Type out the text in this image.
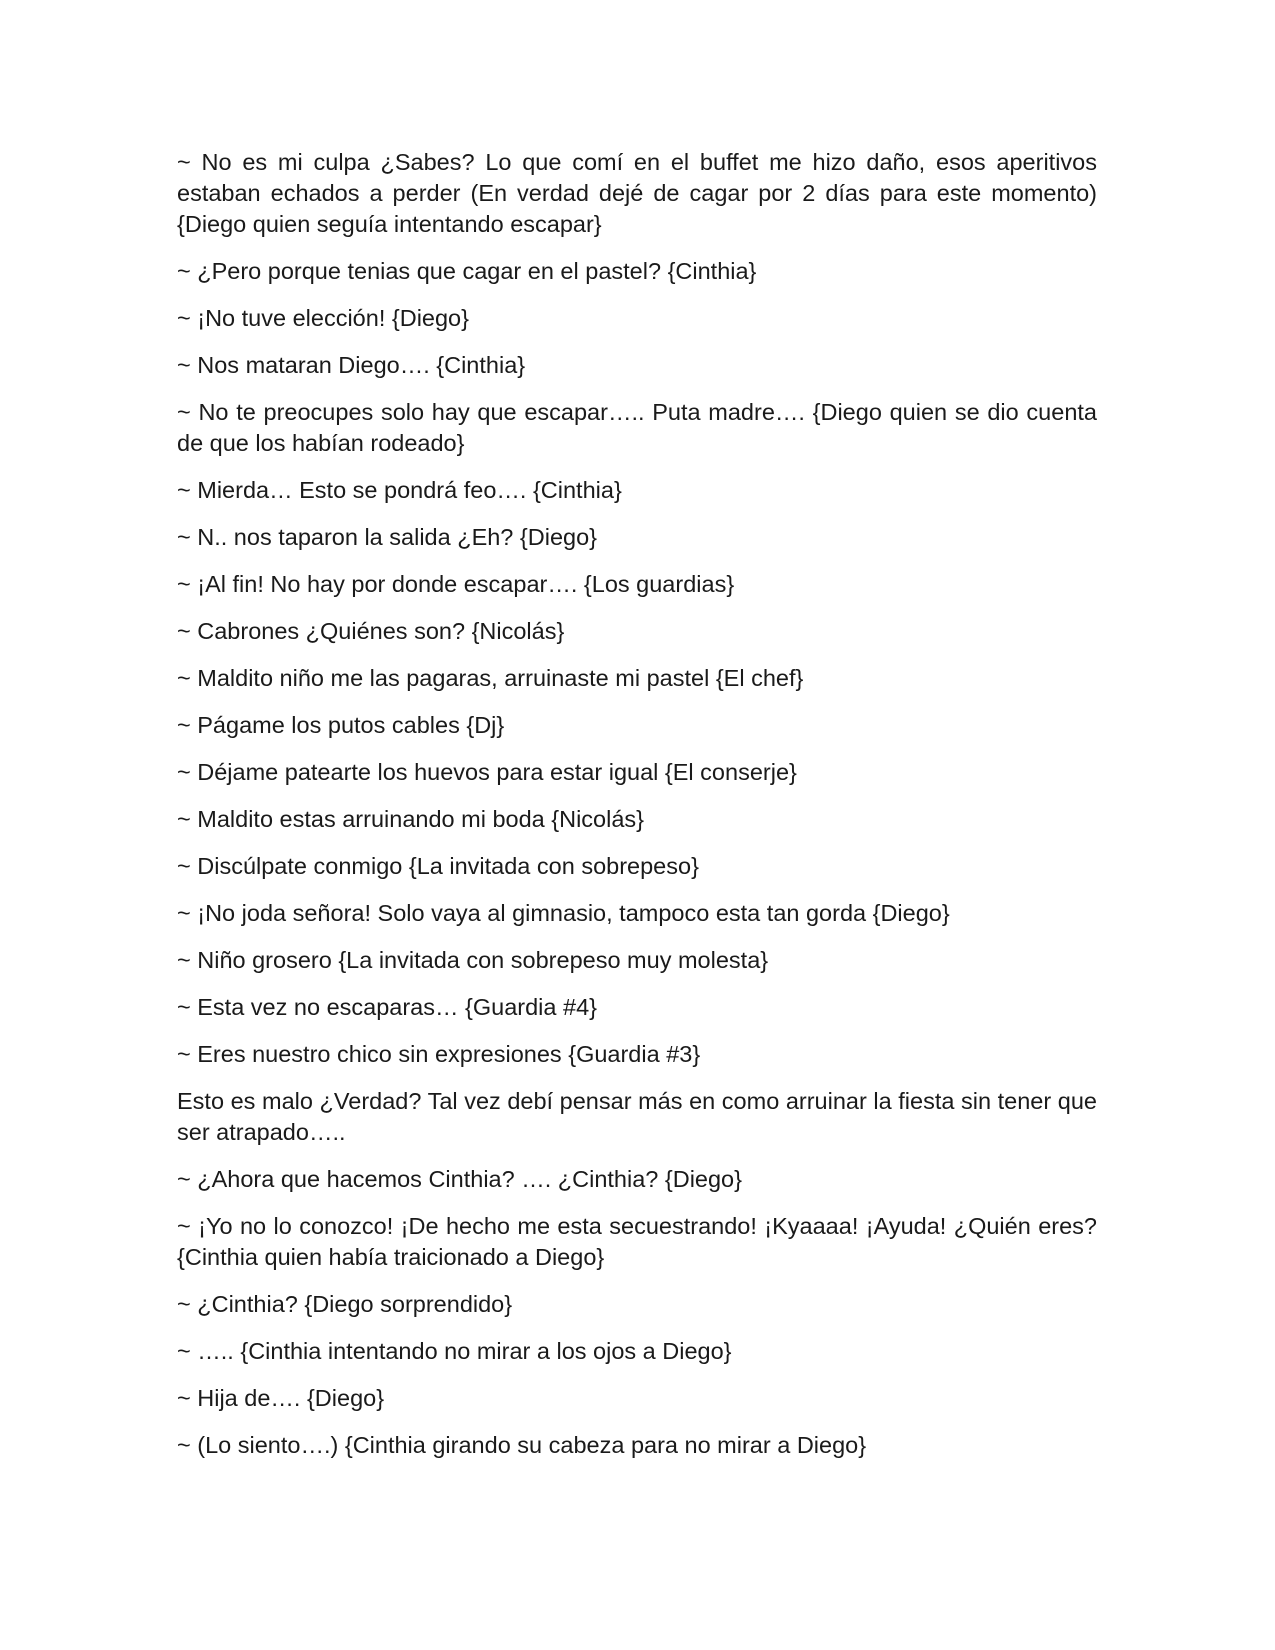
~ No es mi culpa ¿Sabes? Lo que comí en el buffet me hizo daño, esos aperitivos estaban echados a perder (En verdad dejé de cagar por 2 días para este momento) {Diego quien seguía intentando escapar}

~ ¿Pero porque tenias que cagar en el pastel? {Cinthia}

~ ¡No tuve elección! {Diego}

~ Nos mataran Diego…. {Cinthia}

~ No te preocupes solo hay que escapar….. Puta madre…. {Diego quien se dio cuenta de que los habían rodeado}

~ Mierda… Esto se pondrá feo…. {Cinthia}

~ N.. nos taparon la salida ¿Eh? {Diego}

~ ¡Al fin! No hay por donde escapar…. {Los guardias}

~ Cabrones ¿Quiénes son? {Nicolás}

~ Maldito niño me las pagaras, arruinaste mi pastel {El chef}

~ Págame los putos cables {Dj}

~ Déjame patearte los huevos para estar igual {El conserje}

~ Maldito estas arruinando mi boda {Nicolás}

~ Discúlpate conmigo {La invitada con sobrepeso}

~ ¡No joda señora! Solo vaya al gimnasio, tampoco esta tan gorda {Diego}

~ Niño grosero {La invitada con sobrepeso muy molesta}

~ Esta vez no escaparas… {Guardia #4}

~ Eres nuestro chico sin expresiones {Guardia #3}

Esto es malo ¿Verdad? Tal vez debí pensar más en como arruinar la fiesta sin tener que ser atrapado…..

~ ¿Ahora que hacemos Cinthia? …. ¿Cinthia? {Diego}

~ ¡Yo no lo conozco! ¡De hecho me esta secuestrando! ¡Kyaaaa! ¡Ayuda! ¿Quién eres? {Cinthia quien había traicionado a Diego}

~ ¿Cinthia? {Diego sorprendido}

~ ….. {Cinthia intentando no mirar a los ojos a Diego}

~ Hija de…. {Diego}

~ (Lo siento….) {Cinthia girando su cabeza para no mirar a Diego}
